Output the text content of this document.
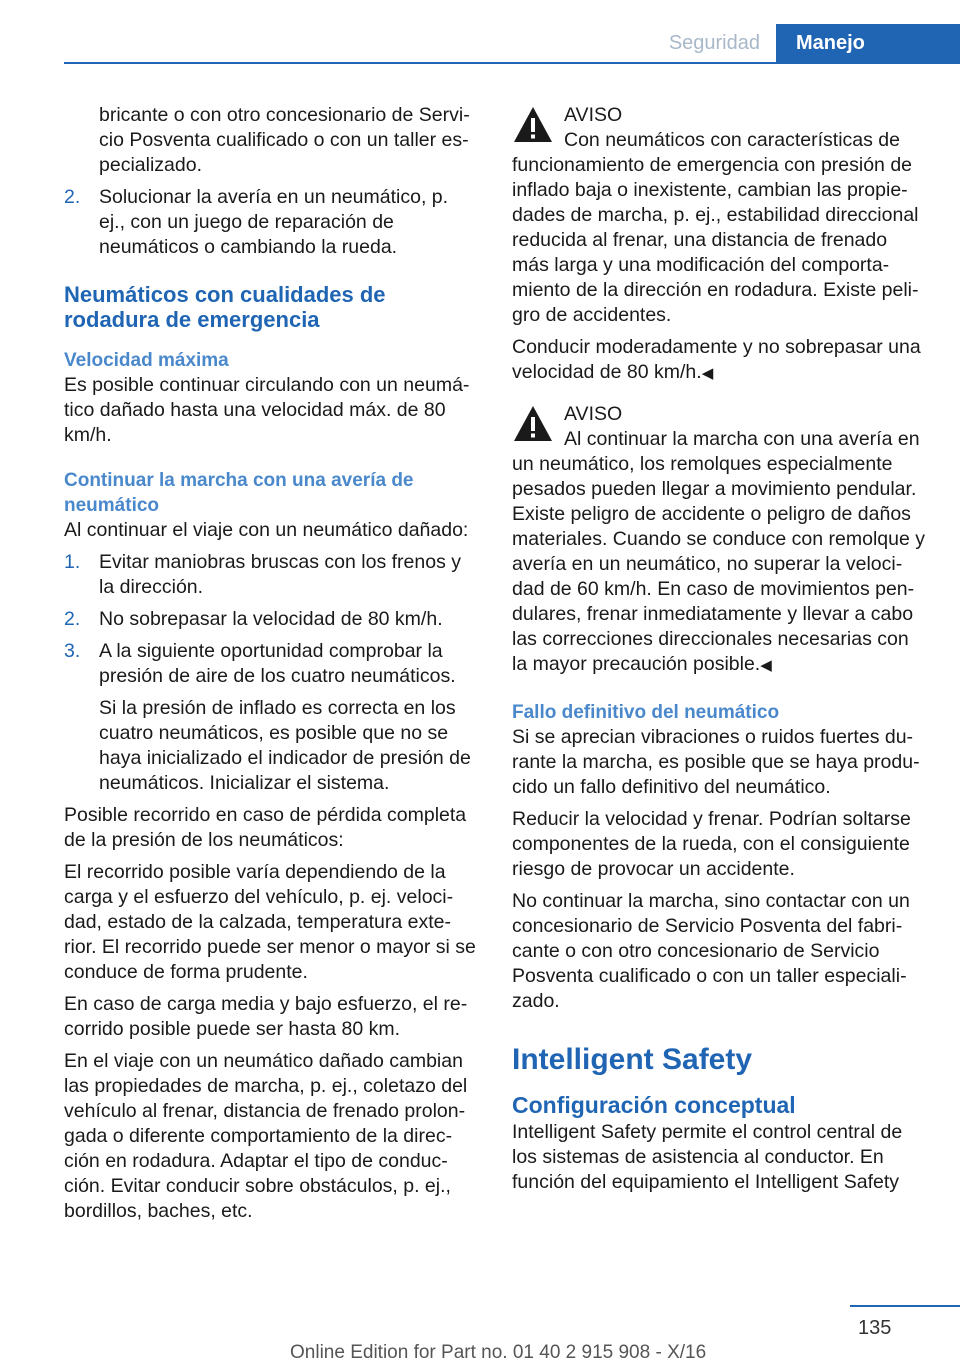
Seguridad	Manejo

bricante o con otro concesionario de Servi‐cio Posventa cualificado o con un taller es‐pecializado.

2. Solucionar la avería en un neumático, p. ej., con un juego de reparación de neumáticos o cambiando la rueda.

Neumáticos con cualidades de rodadura de emergencia
Velocidad máxima

Es posible continuar circulando con un neumá‐tico dañado hasta una velocidad máx. de 80 km/h.

Continuar la marcha con una avería de neumático

Al continuar el viaje con un neumático dañado:

1. Evitar maniobras bruscas con los frenos y la dirección.

2. No sobrepasar la velocidad de 80 km/h.

3. A la siguiente oportunidad comprobar la presión de aire de los cuatro neumáticos.

Si la presión de inflado es correcta en los cuatro neumáticos, es posible que no se haya inicializado el indicador de presión de neumáticos. Inicializar el sistema.

Posible recorrido en caso de pérdida completa de la presión de los neumáticos:

El recorrido posible varía dependiendo de la carga y el esfuerzo del vehículo, p. ej. veloci‐dad, estado de la calzada, temperatura exte‐rior. El recorrido puede ser menor o mayor si se conduce de forma prudente.

En caso de carga media y bajo esfuerzo, el re‐corrido posible puede ser hasta 80 km.

En el viaje con un neumático dañado cambian las propiedades de marcha, p. ej., coletazo del vehículo al frenar, distancia de frenado prolon‐gada o diferente comportamiento de la direc‐ción en rodadura. Adaptar el tipo de conduc‐ción. Evitar conducir sobre obstáculos, p. ej., bordillos, baches, etc.

AVISO

Con neumáticos con características de funcionamiento de emergencia con presión de inflado baja o inexistente, cambian las propie‐dades de marcha, p. ej., estabilidad direccional reducida al frenar, una distancia de frenado más larga y una modificación del comporta‐miento de la dirección en rodadura. Existe peli‐gro de accidentes.

Conducir moderadamente y no sobrepasar una velocidad de 80 km/h.◀

AVISO

Al continuar la marcha con una avería en un neumático, los remolques especialmente pesados pueden llegar a movimiento pendular. Existe peligro de accidente o peligro de daños materiales. Cuando se conduce con remolque y avería en un neumático, no superar la veloci‐dad de 60 km/h. En caso de movimientos pen‐dulares, frenar inmediatamente y llevar a cabo las correcciones direccionales necesarias con la mayor precaución posible.◀

Fallo definitivo del neumático

Si se aprecian vibraciones o ruidos fuertes du‐rante la marcha, es posible que se haya produ‐cido un fallo definitivo del neumático.

Reducir la velocidad y frenar. Podrían soltarse componentes de la rueda, con el consiguiente riesgo de provocar un accidente.

No continuar la marcha, sino contactar con un concesionario de Servicio Posventa del fabri‐cante o con otro concesionario de Servicio Posventa cualificado o con un taller especiali‐zado.

Intelligent Safety
Configuración conceptual

Intelligent Safety permite el control central de los sistemas de asistencia al conductor. En función del equipamiento el Intelligent Safety

135
Online Edition for Part no. 01 40 2 915 908 - X/16
